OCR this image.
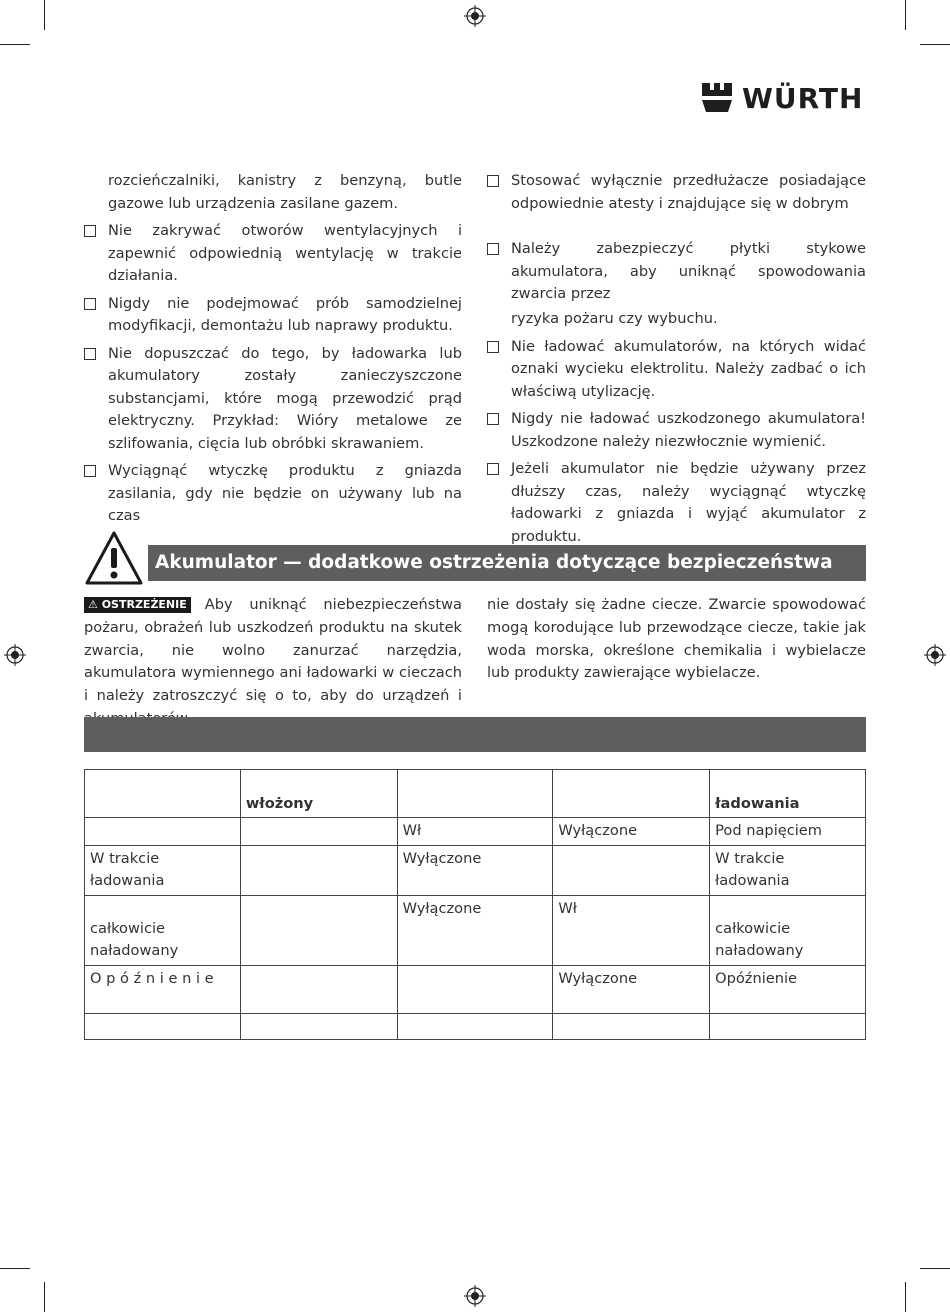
WÜRTH
rozcieńczalniki, kanistry z benzyną, butle gazowe lub urządzenia zasilane gazem.
Nie zakrywać otworów wentylacyjnych i zapewnić odpowiednią wentylację w trakcie działania.
Nigdy nie podejmować prób samodzielnej modyfikacji, demontażu lub naprawy produktu.
Nie dopuszczać do tego, by ładowarka lub akumulatory zostały zanieczyszczone substancjami, które mogą przewodzić prąd elektryczny. Przykład: Wióry metalowe ze szlifowania, cięcia lub obróbki skrawaniem.
Wyciągnąć wtyczkę produktu z gniazda zasilania, gdy nie będzie on używany lub na czas
Stosować wyłącznie przedłużacze posiadające odpowiednie atesty i znajdujące się w dobrym
Należy zabezpieczyć płytki stykowe akumulatora, aby uniknąć spowodowania zwarcia przez
ryzyka pożaru czy wybuchu.
Nie ładować akumulatorów, na których widać oznaki wycieku elektrolitu. Należy zadbać o ich właściwą utylizację.
Nigdy nie ładować uszkodzonego akumulatora! Uszkodzone należy niezwłocznie wymienić.
Jeżeli akumulator nie będzie używany przez dłuższy czas, należy wyciągnąć wtyczkę ładowarki z gniazda i wyjąć akumulator z produktu.
Akumulator — dodatkowe ostrzeżenia dotyczące bezpieczeństwa
⚠ OSTRZEŻENIE Aby uniknąć niebezpieczeństwa pożaru, obrażeń lub uszkodzeń produktu na skutek zwarcia, nie wolno zanurzać narzędzia, akumulatora wymiennego ani ładowarki w cieczach i należy zatroszczyć się o to, aby do urządzeń i
nie dostały się żadne ciecze. Zwarcie spowodować mogą korodujące lub przewodzące ciecze, takie jak woda morska, określone chemikalia i wybielacze lub produkty zawierające wybielacze.
	włożony			ładowania
		Wł	Wyłączone	Pod napięciem
W trakcie ładowania		Wyłączone		W trakcie ładowania
całkowicie naładowany		Wyłączone	Wł	całkowicie naładowany
O p ó ź n i e n i e			Wyłączone	Opóźnienie
